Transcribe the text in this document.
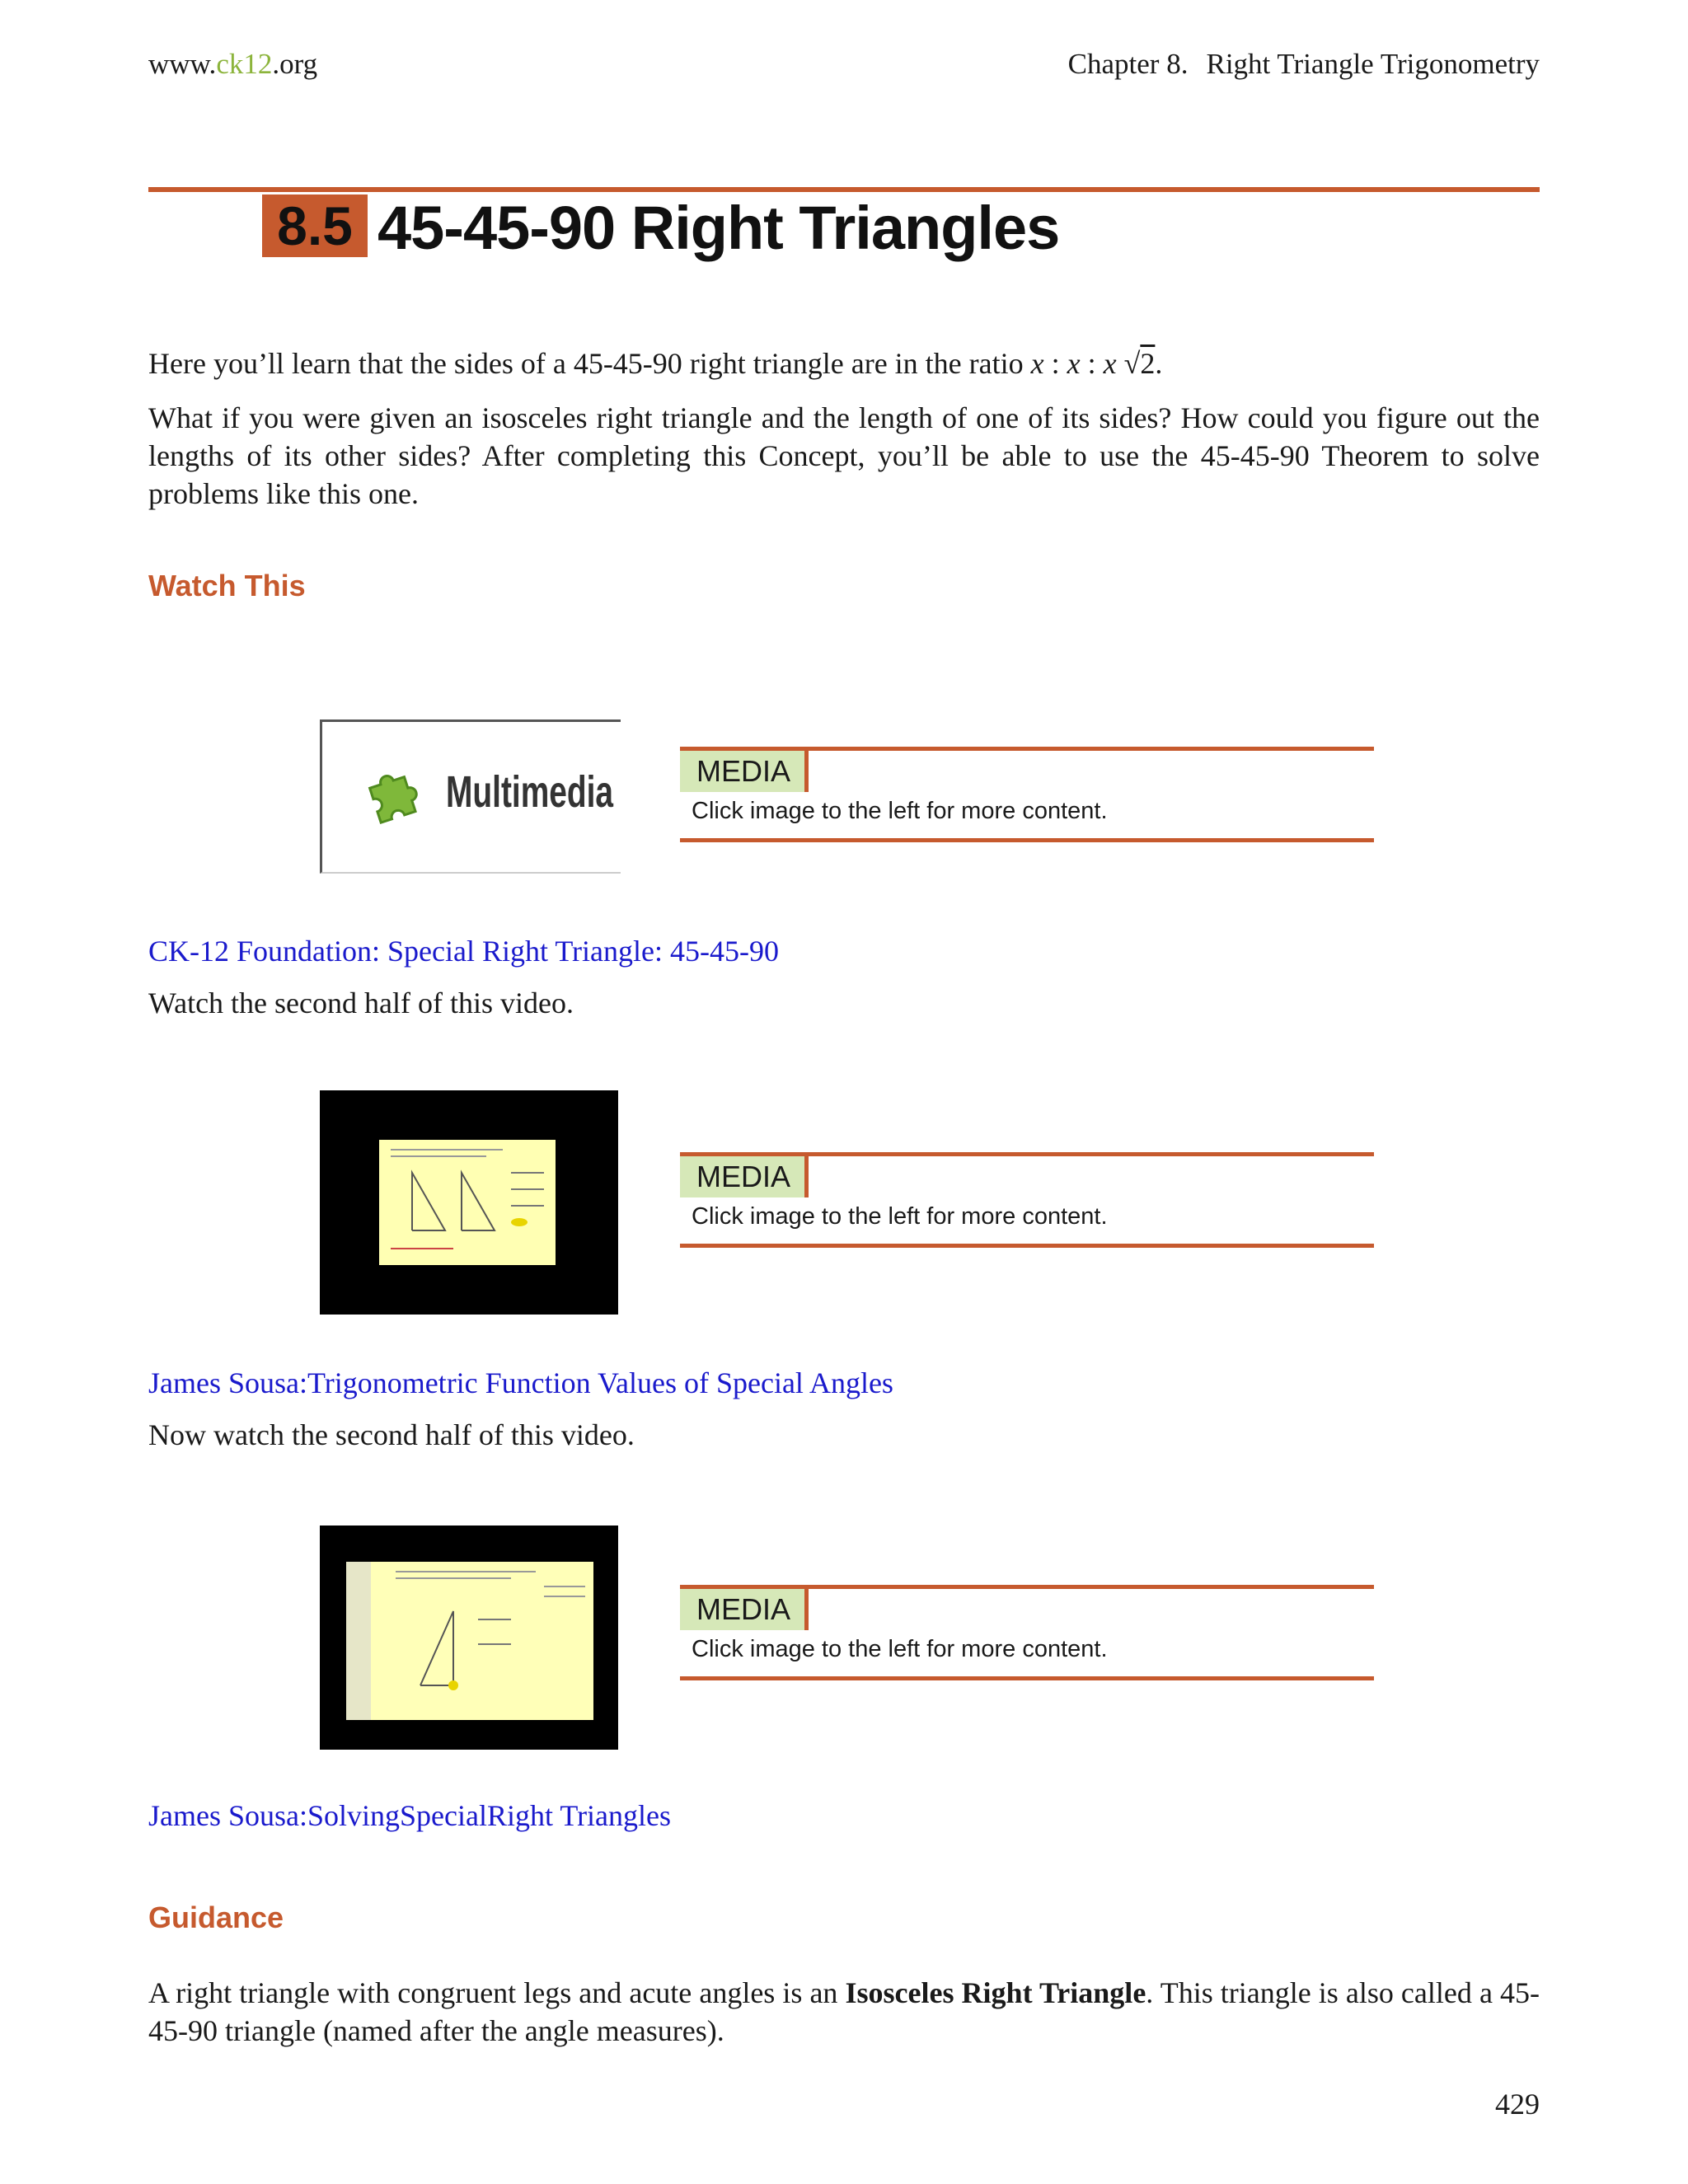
www.ck12.org	Chapter 8. Right Triangle Trigonometry
8.5 45-45-90 Right Triangles
Here you’ll learn that the sides of a 45-45-90 right triangle are in the ratio x : x : x √2.
What if you were given an isosceles right triangle and the length of one of its sides? How could you figure out the lengths of its other sides? After completing this Concept, you’ll be able to use the 45-45-90 Theorem to solve problems like this one.
Watch This
Multimedia	MEDIA
Click image to the left for more content.
CK-12 Foundation: Special Right Triangle: 45-45-90
Watch the second half of this video.
MEDIA
Click image to the left for more content.
James Sousa:Trigonometric Function Values of Special Angles
Now watch the second half of this video.
MEDIA
Click image to the left for more content.
James Sousa:SolvingSpecialRight Triangles
Guidance
A right triangle with congruent legs and acute angles is an Isosceles Right Triangle. This triangle is also called a 45-45-90 triangle (named after the angle measures).
429
